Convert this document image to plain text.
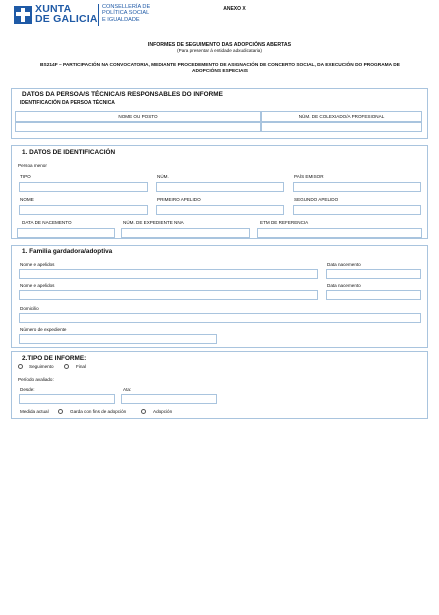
XUNTA
DE GALICIA
CONSELLERÍA DE
POLÍTICA SOCIAL
E IGUALDADE
ANEXO X
INFORMES DE SEGUIMENTO DAS ADOPCIÓNS ABERTAS
(Para presentar á entidade adxudicataria)
BS214F – PARTICIPACIÓN NA CONVOCATORIA, MEDIANTE PROCEDEMENTO DE ASIGNACIÓN DE CONCERTO SOCIAL, DA EXECUCIÓN DO PROGRAMA DE
ADOPCIÓNS ESPECIAIS
DATOS DA PERSOA/S TÉCNICA/S RESPONSABLES DO INFORME
IDENTIFICACIÓN DA PERSOA TÉCNICA
NOME OU POSTO	NÚM. DE COLEXIADO/A PROFESIONAL
1. DATOS DE IDENTIFICACIÓN
Persoa menor
TIPO	NÚM.	PAÍS EMISOR
NOME	PRIMEIRO APELIDO	SEGUNDO APELIDO
DATA DE NACEMENTO	NÚM. DE EXPEDIENTE NNA	ETM DE REFERENCIA
1. Familia gardadora/adoptiva
Nome e apelidos	Data nacemento
Nome e apelidos	Data nacemento
Domicilio
Número de expediente
2.TIPO DE INFORME:
Seguimento	Final
Período avaliado:
Desde:	Ata:
Medida actual	Garda con fins de adopción	Adopción
